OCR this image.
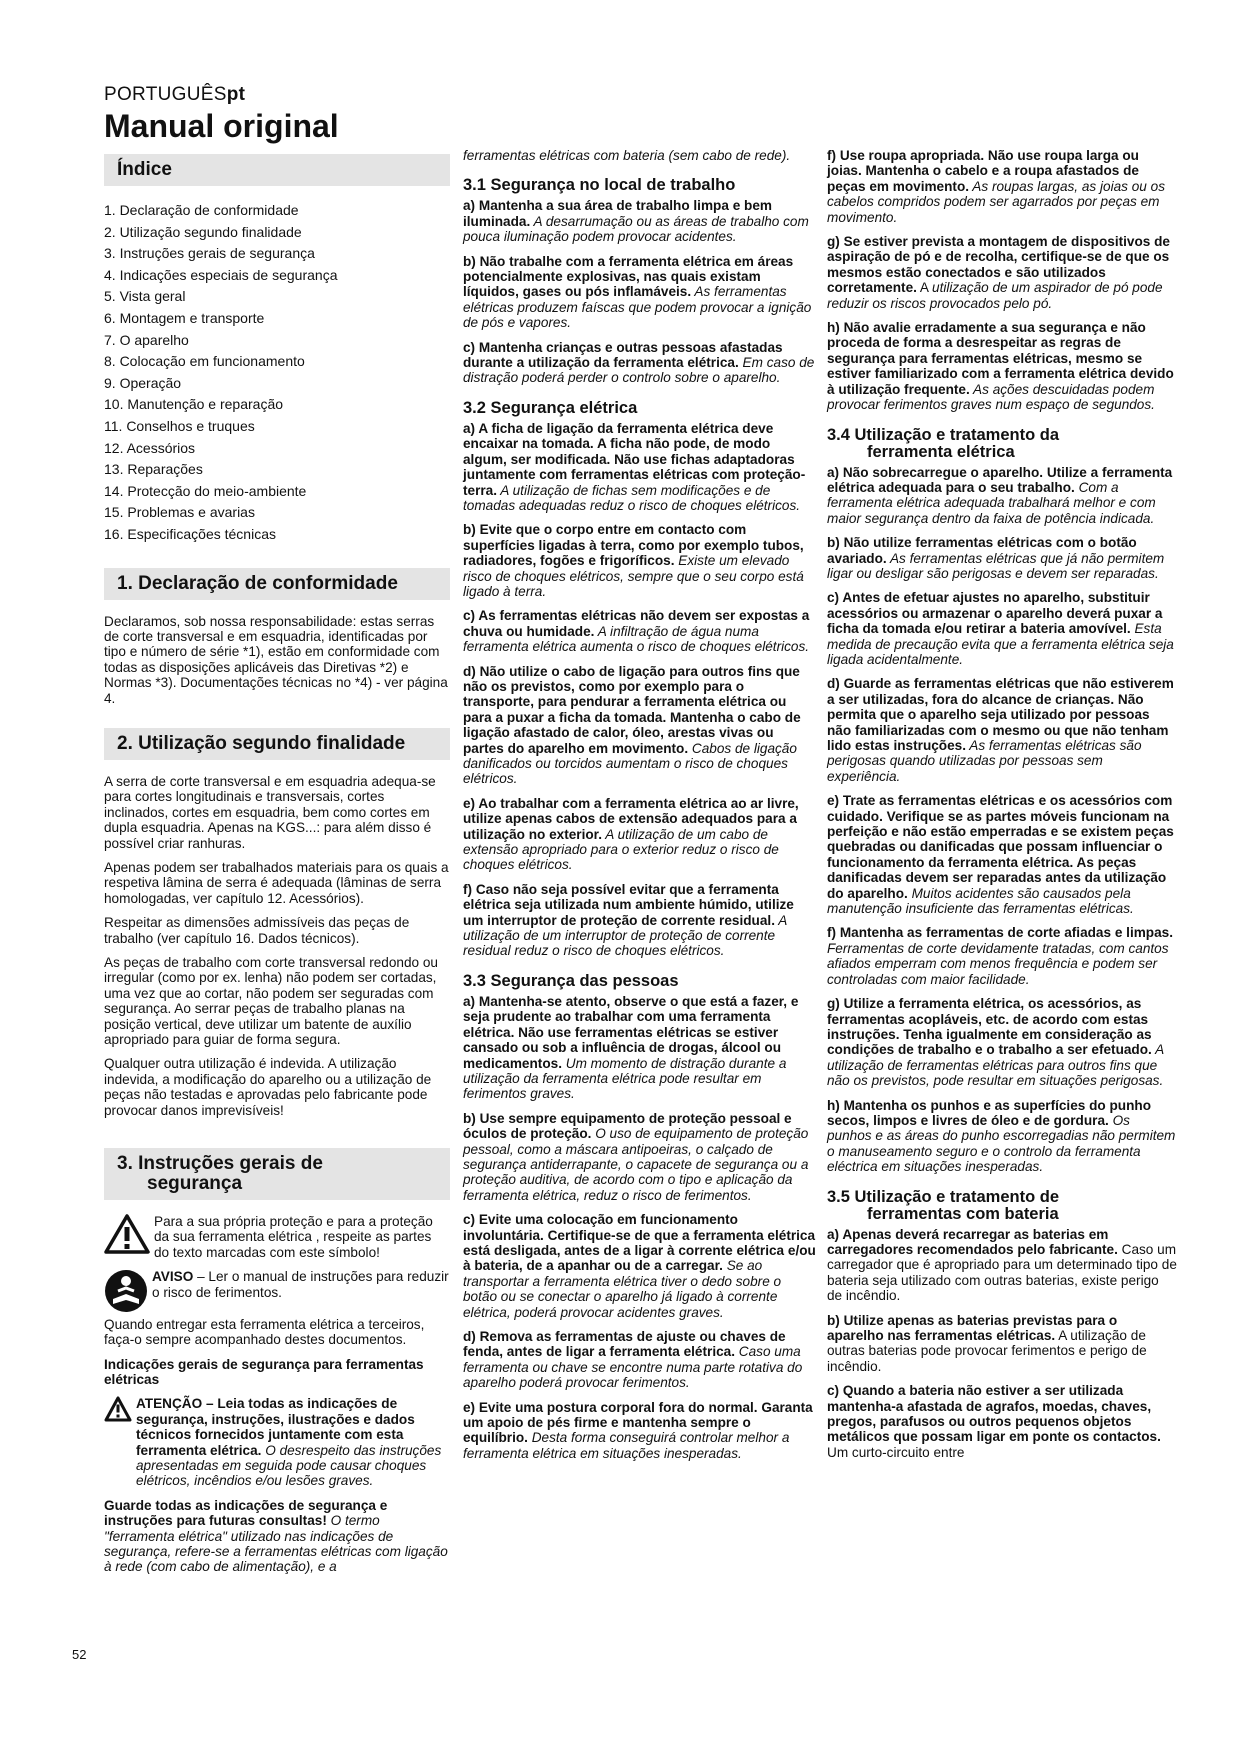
PORTUGUÊSpt
Manual original
Índice
1. Declaração de conformidade
2. Utilização segundo finalidade
3. Instruções gerais de segurança
4. Indicações especiais de segurança
5. Vista geral
6. Montagem e transporte
7. O aparelho
8. Colocação em funcionamento
9. Operação
10. Manutenção e reparação
11. Conselhos e truques
12. Acessórios
13. Reparações
14. Protecção do meio-ambiente
15. Problemas e avarias
16. Especificações técnicas
1. Declaração de conformidade

Declaramos, sob nossa responsabilidade: estas serras de corte transversal e em esquadria, identificadas por tipo e número de série *1), estão em conformidade com todas as disposições aplicáveis das Diretivas *2) e Normas *3). Documentações técnicas no *4) - ver página 4.

2. Utilização segundo finalidade

A serra de corte transversal e em esquadria adequa-se para cortes longitudinais e transversais, cortes inclinados, cortes em esquadria, bem como cortes em dupla esquadria. Apenas na KGS...: para além disso é possível criar ranhuras.

Apenas podem ser trabalhados materiais para os quais a respetiva lâmina de serra é adequada (lâminas de serra homologadas, ver capítulo 12. Acessórios).

Respeitar as dimensões admissíveis das peças de trabalho (ver capítulo 16. Dados técnicos).

As peças de trabalho com corte transversal redondo ou irregular (como por ex. lenha) não podem ser cortadas, uma vez que ao cortar, não podem ser seguradas com segurança. Ao serrar peças de trabalho planas na posição vertical, deve utilizar um batente de auxílio apropriado para guiar de forma segura.

Qualquer outra utilização é indevida. A utilização indevida, a modificação do aparelho ou a utilização de peças não testadas e aprovadas pelo fabricante pode provocar danos imprevisíveis!

3. Instruções gerais de
segurança

Para a sua própria proteção e para a proteção da sua ferramenta elétrica , respeite as partes do texto marcadas com este símbolo!

AVISO – Ler o manual de instruções para reduzir o risco de ferimentos.

Quando entregar esta ferramenta elétrica a terceiros, faça-o sempre acompanhado destes documentos.

Indicações gerais de segurança para ferramentas elétricas

ATENÇÃO – Leia todas as indicações de segurança, instruções, ilustrações e dados técnicos fornecidos juntamente com esta ferramenta elétrica. O desrespeito das instruções apresentadas em seguida pode causar choques elétricos, incêndios e/ou lesões graves.

Guarde todas as indicações de segurança e instruções para futuras consultas! O termo "ferramenta elétrica" utilizado nas indicações de segurança, refere-se a ferramentas elétricas com ligação à rede (com cabo de alimentação), e a

ferramentas elétricas com bateria (sem cabo de rede).

3.1 Segurança no local de trabalho

a) Mantenha a sua área de trabalho limpa e bem iluminada. A desarrumação ou as áreas de trabalho com pouca iluminação podem provocar acidentes.

b) Não trabalhe com a ferramenta elétrica em áreas potencialmente explosivas, nas quais existam líquidos, gases ou pós inflamáveis. As ferramentas elétricas produzem faíscas que podem provocar a ignição de pós e vapores.

c) Mantenha crianças e outras pessoas afastadas durante a utilização da ferramenta elétrica. Em caso de distração poderá perder o controlo sobre o aparelho.

3.2 Segurança elétrica

a) A ficha de ligação da ferramenta elétrica deve encaixar na tomada. A ficha não pode, de modo algum, ser modificada. Não use fichas adaptadoras juntamente com ferramentas elétricas com proteção-terra. A utilização de fichas sem modificações e de tomadas adequadas reduz o risco de choques elétricos.

b) Evite que o corpo entre em contacto com superfícies ligadas à terra, como por exemplo tubos, radiadores, fogões e frigoríficos. Existe um elevado risco de choques elétricos, sempre que o seu corpo está ligado à terra.

c) As ferramentas elétricas não devem ser expostas a chuva ou humidade. A infiltração de água numa ferramenta elétrica aumenta o risco de choques elétricos.

d) Não utilize o cabo de ligação para outros fins que não os previstos, como por exemplo para o transporte, para pendurar a ferramenta elétrica ou para a puxar a ficha da tomada. Mantenha o cabo de ligação afastado de calor, óleo, arestas vivas ou partes do aparelho em movimento. Cabos de ligação danificados ou torcidos aumentam o risco de choques elétricos.

e) Ao trabalhar com a ferramenta elétrica ao ar livre, utilize apenas cabos de extensão adequados para a utilização no exterior. A utilização de um cabo de extensão apropriado para o exterior reduz o risco de choques elétricos.

f) Caso não seja possível evitar que a ferramenta elétrica seja utilizada num ambiente húmido, utilize um interruptor de proteção de corrente residual. A utilização de um interruptor de proteção de corrente residual reduz o risco de choques elétricos.

3.3 Segurança das pessoas

a) Mantenha-se atento, observe o que está a fazer, e seja prudente ao trabalhar com uma ferramenta elétrica. Não use ferramentas elétricas se estiver cansado ou sob a influência de drogas, álcool ou medicamentos. Um momento de distração durante a utilização da ferramenta elétrica pode resultar em ferimentos graves.

b) Use sempre equipamento de proteção pessoal e óculos de proteção. O uso de equipamento de proteção pessoal, como a máscara antipoeiras, o calçado de segurança antiderrapante, o capacete de segurança ou a proteção auditiva, de acordo com o tipo e aplicação da ferramenta elétrica, reduz o risco de ferimentos.

c) Evite uma colocação em funcionamento involuntária. Certifique-se de que a ferramenta elétrica está desligada, antes de a ligar à corrente elétrica e/ou à bateria, de a apanhar ou de a carregar. Se ao transportar a ferramenta elétrica tiver o dedo sobre o botão ou se conectar o aparelho já ligado à corrente elétrica, poderá provocar acidentes graves.

d) Remova as ferramentas de ajuste ou chaves de fenda, antes de ligar a ferramenta elétrica. Caso uma ferramenta ou chave se encontre numa parte rotativa do aparelho poderá provocar ferimentos.

e) Evite uma postura corporal fora do normal. Garanta um apoio de pés firme e mantenha sempre o equilíbrio. Desta forma conseguirá controlar melhor a ferramenta elétrica em situações inesperadas.

f) Use roupa apropriada. Não use roupa larga ou joias. Mantenha o cabelo e a roupa afastados de peças em movimento. As roupas largas, as joias ou os cabelos compridos podem ser agarrados por peças em movimento.

g) Se estiver prevista a montagem de dispositivos de aspiração de pó e de recolha, certifique-se de que os mesmos estão conectados e são utilizados corretamente. A utilização de um aspirador de pó pode reduzir os riscos provocados pelo pó.

h) Não avalie erradamente a sua segurança e não proceda de forma a desrespeitar as regras de segurança para ferramentas elétricas, mesmo se estiver familiarizado com a ferramenta elétrica devido à utilização frequente. As ações descuidadas podem provocar ferimentos graves num espaço de segundos.

3.4 Utilização e tratamento da
ferramenta elétrica

a) Não sobrecarregue o aparelho. Utilize a ferramenta elétrica adequada para o seu trabalho. Com a ferramenta elétrica adequada trabalhará melhor e com maior segurança dentro da faixa de potência indicada.

b) Não utilize ferramentas elétricas com o botão avariado. As ferramentas elétricas que já não permitem ligar ou desligar são perigosas e devem ser reparadas.

c) Antes de efetuar ajustes no aparelho, substituir acessórios ou armazenar o aparelho deverá puxar a ficha da tomada e/ou retirar a bateria amovível. Esta medida de precaução evita que a ferramenta elétrica seja ligada acidentalmente.

d) Guarde as ferramentas elétricas que não estiverem a ser utilizadas, fora do alcance de crianças. Não permita que o aparelho seja utilizado por pessoas não familiarizadas com o mesmo ou que não tenham lido estas instruções. As ferramentas elétricas são perigosas quando utilizadas por pessoas sem experiência.

e) Trate as ferramentas elétricas e os acessórios com cuidado. Verifique se as partes móveis funcionam na perfeição e não estão emperradas e se existem peças quebradas ou danificadas que possam influenciar o funcionamento da ferramenta elétrica. As peças danificadas devem ser reparadas antes da utilização do aparelho. Muitos acidentes são causados pela manutenção insuficiente das ferramentas elétricas.

f) Mantenha as ferramentas de corte afiadas e limpas. Ferramentas de corte devidamente tratadas, com cantos afiados emperram com menos frequência e podem ser controladas com maior facilidade.

g) Utilize a ferramenta elétrica, os acessórios, as ferramentas acopláveis, etc. de acordo com estas instruções. Tenha igualmente em consideração as condições de trabalho e o trabalho a ser efetuado. A utilização de ferramentas elétricas para outros fins que não os previstos, pode resultar em situações perigosas.

h) Mantenha os punhos e as superfícies do punho secos, limpos e livres de óleo e de gordura. Os punhos e as áreas do punho escorregadias não permitem o manuseamento seguro e o controlo da ferramenta eléctrica em situações inesperadas.

3.5 Utilização e tratamento de
ferramentas com bateria

a) Apenas deverá recarregar as baterias em carregadores recomendados pelo fabricante. Caso um carregador que é apropriado para um determinado tipo de bateria seja utilizado com outras baterias, existe perigo de incêndio.

b) Utilize apenas as baterias previstas para o aparelho nas ferramentas elétricas. A utilização de outras baterias pode provocar ferimentos e perigo de incêndio.

c) Quando a bateria não estiver a ser utilizada mantenha-a afastada de agrafos, moedas, chaves, pregos, parafusos ou outros pequenos objetos metálicos que possam ligar em ponte os contactos. Um curto-circuito entre

52
